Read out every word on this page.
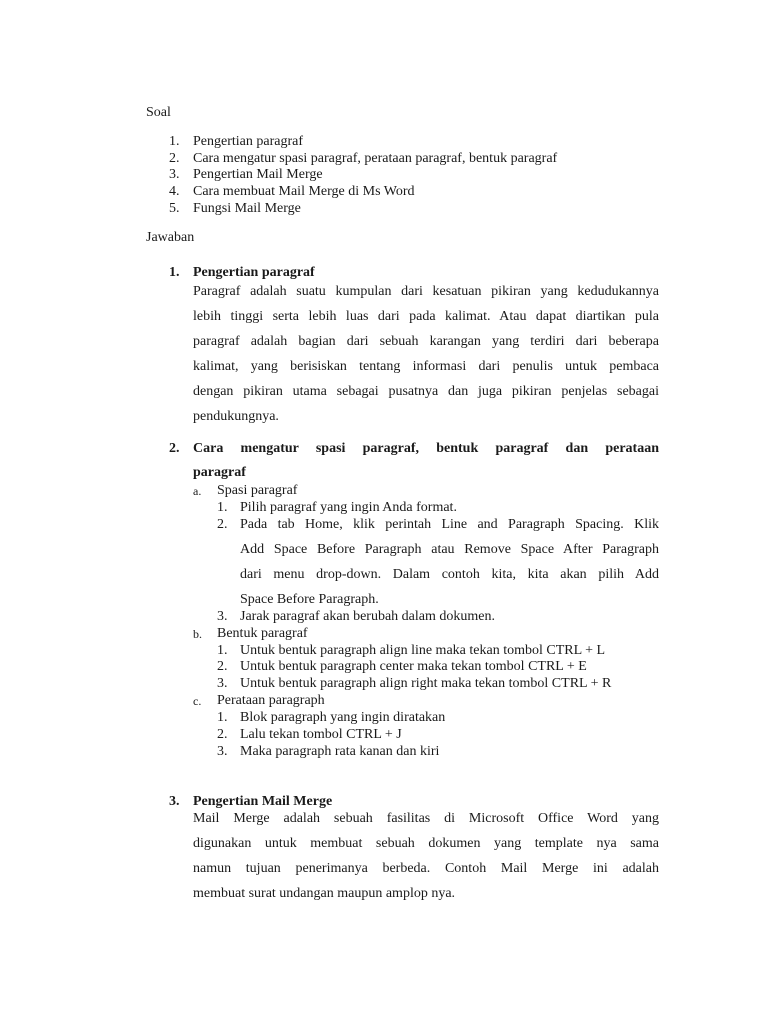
Soal
1. Pengertian paragraf
2. Cara mengatur spasi paragraf, perataan paragraf, bentuk paragraf
3. Pengertian Mail Merge
4. Cara membuat Mail Merge di Ms Word
5. Fungsi Mail Merge
Jawaban
1. Pengertian paragraf
Paragraf adalah suatu kumpulan dari kesatuan pikiran yang kedudukannya
lebih tinggi serta lebih luas dari pada kalimat. Atau dapat diartikan pula
paragraf adalah bagian dari sebuah karangan yang terdiri dari beberapa
kalimat, yang berisiskan tentang informasi dari penulis untuk pembaca
dengan pikiran utama sebagai pusatnya dan juga pikiran penjelas sebagai
pendukungnya.
2. Cara mengatur spasi paragraf, bentuk paragraf dan perataan
paragraf
a. Spasi paragraf
1. Pilih paragraf yang ingin Anda format.
2. Pada tab Home, klik perintah Line and Paragraph Spacing. Klik
Add Space Before Paragraph atau Remove Space After Paragraph
dari menu drop-down. Dalam contoh kita, kita akan pilih Add
Space Before Paragraph.
3. Jarak paragraf akan berubah dalam dokumen.
b. Bentuk paragraf
1. Untuk bentuk paragraph align line maka tekan tombol CTRL + L
2. Untuk bentuk paragraph center maka tekan tombol CTRL + E
3. Untuk bentuk paragraph align right maka tekan tombol CTRL + R
c. Perataan paragraph
1. Blok paragraph yang ingin diratakan
2. Lalu tekan tombol CTRL + J
3. Maka paragraph rata kanan dan kiri
3. Pengertian Mail Merge
Mail Merge adalah sebuah fasilitas di Microsoft Office Word yang
digunakan untuk membuat sebuah dokumen yang template nya sama
namun tujuan penerimanya berbeda. Contoh Mail Merge ini adalah
membuat surat undangan maupun amplop nya.
